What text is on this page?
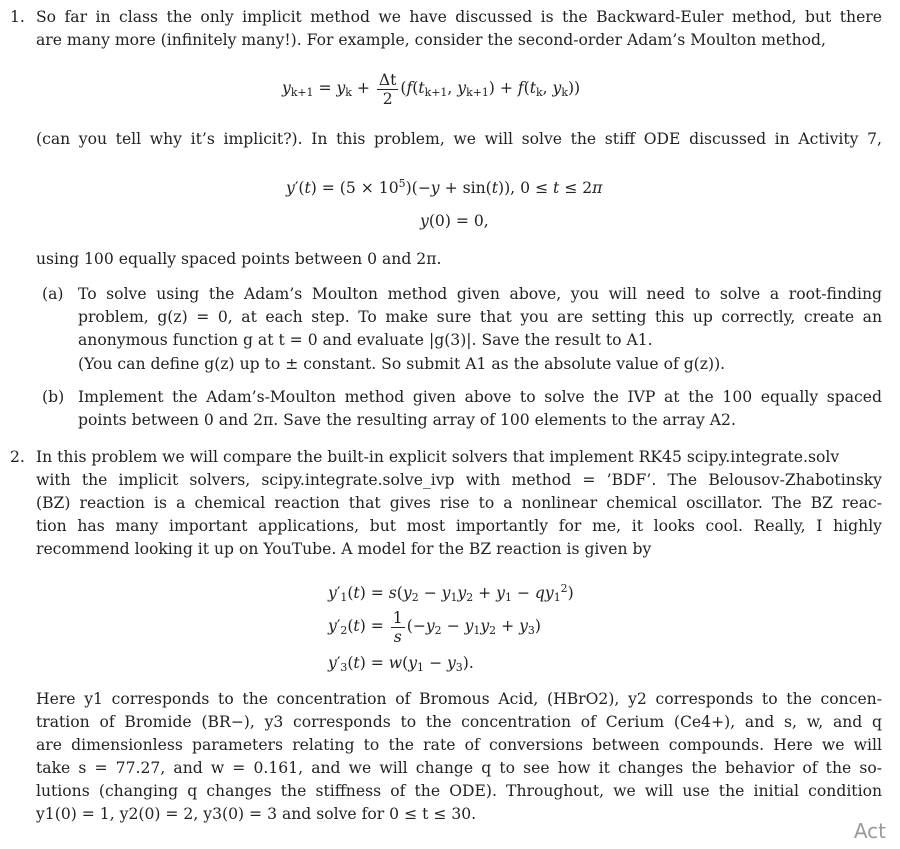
1. So far in class the only implicit method we have discussed is the Backward-Euler method, but there
are many more (infinitely many!). For example, consider the second-order Adam’s Moulton method,
$y_{k+1} = y_k + \frac{\Delta t}{2} (f(t_{k+1}$, $y_{k+1}) + f(t_k$, $y_k$))
(can you tell why it’s implicit?). In this problem, we will solve the stiff ODE discussed in Activity 7,
$y'(t) = (5 \times 10^5)(-y + \sin(t))$, 0 ≤ t ≤ 2π
y(0) = 0,
using 100 equally spaced points between 0 and 2π.
(a) To solve using the Adam’s Moulton method given above, you will need to solve a root-finding
problem, g(z) = 0, at each step. To make sure that you are setting this up correctly, create an
anonymous function g at t = 0 and evaluate |g(3)|. Save the result to A1.
(You can define g(z) up to ± constant. So submit A1 as the absolute value of g(z)).
(b) Implement the Adam’s-Moulton method given above to solve the IVP at the 100 equally spaced
points between 0 and 2π. Save the resulting array of 100 elements to the array A2.
2. In this problem we will compare the built-in explicit solvers that implement RK45 scipy.integrate.solv
with the implicit solvers, scipy.integrate.solve_ivp with method = ’BDF’. The Belousov-Zhabotinsky
(BZ) reaction is a chemical reaction that gives rise to a nonlinear chemical oscillator. The BZ reac-
tion has many important applications, but most importantly for me, it looks cool. Really, I highly
recommend looking it up on YouTube. A model for the BZ reaction is given by
$y'_1(t) = s(y_2 - y_1y_2 + y_1 - qy_1^2)$
$y'_2(t) = \frac{1}{s} (-y_2 - y_1y_2 + y_3)$
$y'_3(t) = w(y_1 - y_3)$.
Here y1 corresponds to the concentration of Bromous Acid, (HBrO2), y2 corresponds to the concen-
tration of Bromide (BR−), y3 corresponds to the concentration of Cerium (Ce4+), and s, w, and q
are dimensionless parameters relating to the rate of conversions between compounds. Here we will
take s = 77.27, and w = 0.161, and we will change q to see how it changes the behavior of the so-
lutions (changing q changes the stiffness of the ODE). Throughout, we will use the initial condition
y1(0) = 1, y2(0) = 2, y3(0) = 3 and solve for 0 ≤ t ≤ 30.
Act
